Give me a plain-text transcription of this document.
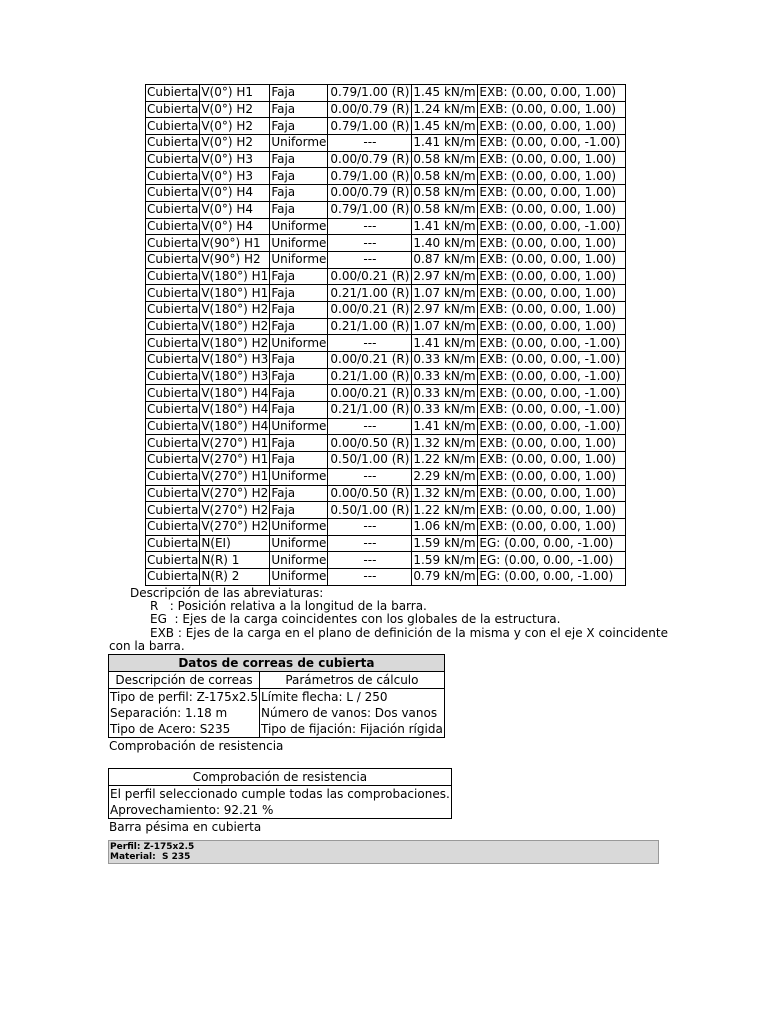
Cubierta	V(0°) H1	Faja	0.79/1.00 (R)	1.45 kN/m	EXB: (0.00, 0.00, 1.00)
Cubierta	V(0°) H2	Faja	0.00/0.79 (R)	1.24 kN/m	EXB: (0.00, 0.00, 1.00)
Cubierta	V(0°) H2	Faja	0.79/1.00 (R)	1.45 kN/m	EXB: (0.00, 0.00, 1.00)
Cubierta	V(0°) H2	Uniforme	---	1.41 kN/m	EXB: (0.00, 0.00, -1.00)
Cubierta	V(0°) H3	Faja	0.00/0.79 (R)	0.58 kN/m	EXB: (0.00, 0.00, 1.00)
Cubierta	V(0°) H3	Faja	0.79/1.00 (R)	0.58 kN/m	EXB: (0.00, 0.00, 1.00)
Cubierta	V(0°) H4	Faja	0.00/0.79 (R)	0.58 kN/m	EXB: (0.00, 0.00, 1.00)
Cubierta	V(0°) H4	Faja	0.79/1.00 (R)	0.58 kN/m	EXB: (0.00, 0.00, 1.00)
Cubierta	V(0°) H4	Uniforme	---	1.41 kN/m	EXB: (0.00, 0.00, -1.00)
Cubierta	V(90°) H1	Uniforme	---	1.40 kN/m	EXB: (0.00, 0.00, 1.00)
Cubierta	V(90°) H2	Uniforme	---	0.87 kN/m	EXB: (0.00, 0.00, 1.00)
Cubierta	V(180°) H1	Faja	0.00/0.21 (R)	2.97 kN/m	EXB: (0.00, 0.00, 1.00)
Cubierta	V(180°) H1	Faja	0.21/1.00 (R)	1.07 kN/m	EXB: (0.00, 0.00, 1.00)
Cubierta	V(180°) H2	Faja	0.00/0.21 (R)	2.97 kN/m	EXB: (0.00, 0.00, 1.00)
Cubierta	V(180°) H2	Faja	0.21/1.00 (R)	1.07 kN/m	EXB: (0.00, 0.00, 1.00)
Cubierta	V(180°) H2	Uniforme	---	1.41 kN/m	EXB: (0.00, 0.00, -1.00)
Cubierta	V(180°) H3	Faja	0.00/0.21 (R)	0.33 kN/m	EXB: (0.00, 0.00, -1.00)
Cubierta	V(180°) H3	Faja	0.21/1.00 (R)	0.33 kN/m	EXB: (0.00, 0.00, -1.00)
Cubierta	V(180°) H4	Faja	0.00/0.21 (R)	0.33 kN/m	EXB: (0.00, 0.00, -1.00)
Cubierta	V(180°) H4	Faja	0.21/1.00 (R)	0.33 kN/m	EXB: (0.00, 0.00, -1.00)
Cubierta	V(180°) H4	Uniforme	---	1.41 kN/m	EXB: (0.00, 0.00, -1.00)
Cubierta	V(270°) H1	Faja	0.00/0.50 (R)	1.32 kN/m	EXB: (0.00, 0.00, 1.00)
Cubierta	V(270°) H1	Faja	0.50/1.00 (R)	1.22 kN/m	EXB: (0.00, 0.00, 1.00)
Cubierta	V(270°) H1	Uniforme	---	2.29 kN/m	EXB: (0.00, 0.00, 1.00)
Cubierta	V(270°) H2	Faja	0.00/0.50 (R)	1.32 kN/m	EXB: (0.00, 0.00, 1.00)
Cubierta	V(270°) H2	Faja	0.50/1.00 (R)	1.22 kN/m	EXB: (0.00, 0.00, 1.00)
Cubierta	V(270°) H2	Uniforme	---	1.06 kN/m	EXB: (0.00, 0.00, 1.00)
Cubierta	N(EI)	Uniforme	---	1.59 kN/m	EG: (0.00, 0.00, -1.00)
Cubierta	N(R) 1	Uniforme	---	1.59 kN/m	EG: (0.00, 0.00, -1.00)
Cubierta	N(R) 2	Uniforme	---	0.79 kN/m	EG: (0.00, 0.00, -1.00)
Descripción de las abreviaturas:
R   : Posición relativa a la longitud de la barra.
EG  : Ejes de la carga coincidentes con los globales de la estructura.
EXB : Ejes de la carga en el plano de definición de la misma y con el eje X coincidente
con la barra.
Datos de correas de cubierta	
Descripción de correas	Parámetros de cálculo
Tipo de perfil: Z-175x2.5	Límite flecha: L / 250
Separación: 1.18 m	Número de vanos: Dos vanos
Tipo de Acero: S235	Tipo de fijación: Fijación rígida
Comprobación de resistencia
Comprobación de resistencia
El perfil seleccionado cumple todas las comprobaciones.
Aprovechamiento: 92.21 %
Barra pésima en cubierta
Perfil: Z-175x2.5
Material:  S 235
